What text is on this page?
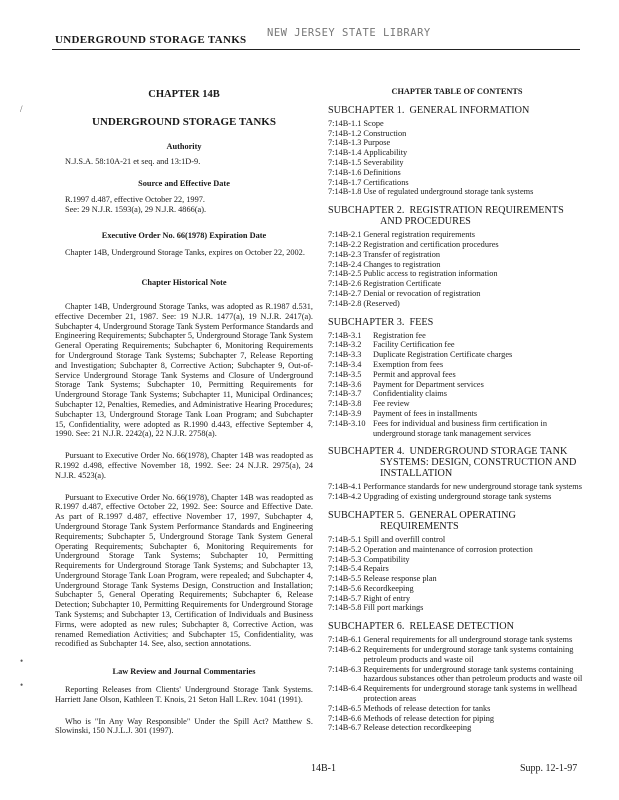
UNDERGROUND STORAGE TANKS
NEW JERSEY STATE LIBRARY
/
•
•
CHAPTER 14B
UNDERGROUND STORAGE TANKS
Authority

N.J.S.A. 58:10A-21 et seq. and 13:1D-9.

Source and Effective Date

R.1997 d.487, effective October 22, 1997.

See: 29 N.J.R. 1593(a), 29 N.J.R. 4866(a).

Executive Order No. 66(1978) Expiration Date

Chapter 14B, Underground Storage Tanks, expires on October 22, 2002.

Chapter Historical Note

Chapter 14B, Underground Storage Tanks, was adopted as R.1987 d.531, effective December 21, 1987. See: 19 N.J.R. 1477(a), 19 N.J.R. 2417(a). Subchapter 4, Underground Storage Tank System Performance Standards and Engineering Requirements; Subchapter 5, Underground Storage Tank System General Operating Requirements; Subchapter 6, Monitoring Requirements for Underground Storage Tank Systems; Subchapter 7, Release Reporting and Investigation; Subchapter 8, Corrective Action; Subchapter 9, Out-of-Service Underground Storage Tank Systems and Closure of Underground Storage Tank Systems; Subchapter 10, Permitting Requirements for Underground Storage Tank Systems; Subchapter 11, Municipal Ordinances; Subchapter 12, Penalties, Remedies, and Administrative Hearing Procedures; Subchapter 13, Underground Storage Tank Loan Program; and Subchapter 15, Confidentiality, were adopted as R.1990 d.443, effective September 4, 1990. See: 21 N.J.R. 2242(a), 22 N.J.R. 2758(a).

Pursuant to Executive Order No. 66(1978), Chapter 14B was readopted as R.1992 d.498, effective November 18, 1992. See: 24 N.J.R. 2975(a), 24 N.J.R. 4523(a).

Pursuant to Executive Order No. 66(1978), Chapter 14B was readopted as R.1997 d.487, effective October 22, 1992. See: Source and Effective Date. As part of R.1997 d.487, effective November 17, 1997, Subchapter 4, Underground Storage Tank System Performance Standards and Engineering Requirements; Subchapter 5, Underground Storage Tank System General Operating Requirements; Subchapter 6, Monitoring Requirements for Underground Storage Tank Systems; Subchapter 10, Permitting Requirements for Underground Storage Tank Systems; and Subchapter 13, Underground Storage Tank Loan Program, were repealed; and Subchapter 4, Underground Storage Tank Systems Design, Construction and Installation; Subchapter 5, General Operating Requirements; Subchapter 6, Release Detection; Subchapter 10, Permitting Requirements for Underground Storage Tank Systems; and Subchapter 13, Certification of Individuals and Business Firms, were adopted as new rules; Subchapter 8, Corrective Action, was renamed Remediation Activities; and Subchapter 15, Confidentiality, was recodified as Subchapter 14. See, also, section annotations.

Law Review and Journal Commentaries

Reporting Releases from Clients' Underground Storage Tank Systems. Harriett Jane Olson, Kathleen T. Knois, 21 Seton Hall L.Rev. 1041 (1991).

Who is "In Any Way Responsible" Under the Spill Act? Matthew S. Slowinski, 150 N.J.L.J. 301 (1997).

CHAPTER TABLE OF CONTENTS
SUBCHAPTER 1. GENERAL INFORMATION
7:14B-1.1 Scope
7:14B-1.2 Construction
7:14B-1.3 Purpose
7:14B-1.4 Applicability
7:14B-1.5 Severability
7:14B-1.6 Definitions
7:14B-1.7 Certifications
7:14B-1.8 Use of regulated underground storage tank systems
SUBCHAPTER 2. REGISTRATION REQUIREMENTS
AND PROCEDURES
7:14B-2.1 General registration requirements
7:14B-2.2 Registration and certification procedures
7:14B-2.3 Transfer of registration
7:14B-2.4 Changes to registration
7:14B-2.5 Public access to registration information
7:14B-2.6 Registration Certificate
7:14B-2.7 Denial or revocation of registration
7:14B-2.8 (Reserved)
SUBCHAPTER 3. FEES
7:14B-3.1	Registration fee
7:14B-3.2	Facility Certification fee
7:14B-3.3	Duplicate Registration Certificate charges
7:14B-3.4	Exemption from fees
7:14B-3.5	Permit and approval fees
7:14B-3.6	Payment for Department services
7:14B-3.7	Confidentiality claims
7:14B-3.8	Fee review
7:14B-3.9	Payment of fees in installments
7:14B-3.10 Fees for individual and business firm certification in underground storage tank management services
SUBCHAPTER 4. UNDERGROUND STORAGE TANK
SYSTEMS: DESIGN, CONSTRUCTION AND INSTALLATION
7:14B-4.1 Performance standards for new underground storage tank systems
7:14B-4.2 Upgrading of existing underground storage tank systems
SUBCHAPTER 5. GENERAL OPERATING
REQUIREMENTS
7:14B-5.1 Spill and overfill control
7:14B-5.2 Operation and maintenance of corrosion protection
7:14B-5.3 Compatibility
7:14B-5.4 Repairs
7:14B-5.5 Release response plan
7:14B-5.6 Recordkeeping
7:14B-5.7 Right of entry
7:14B-5.8 Fill port markings
SUBCHAPTER 6. RELEASE DETECTION
7:14B-6.1 General requirements for all underground storage tank systems
7:14B-6.2 Requirements for underground storage tank systems containing petroleum products and waste oil
7:14B-6.3 Requirements for underground storage tank systems containing hazardous substances other than petroleum products and waste oil
7:14B-6.4 Requirements for underground storage tank systems in wellhead protection areas
7:14B-6.5 Methods of release detection for tanks
7:14B-6.6 Methods of release detection for piping
7:14B-6.7 Release detection recordkeeping
14B-1	Supp. 12-1-97
